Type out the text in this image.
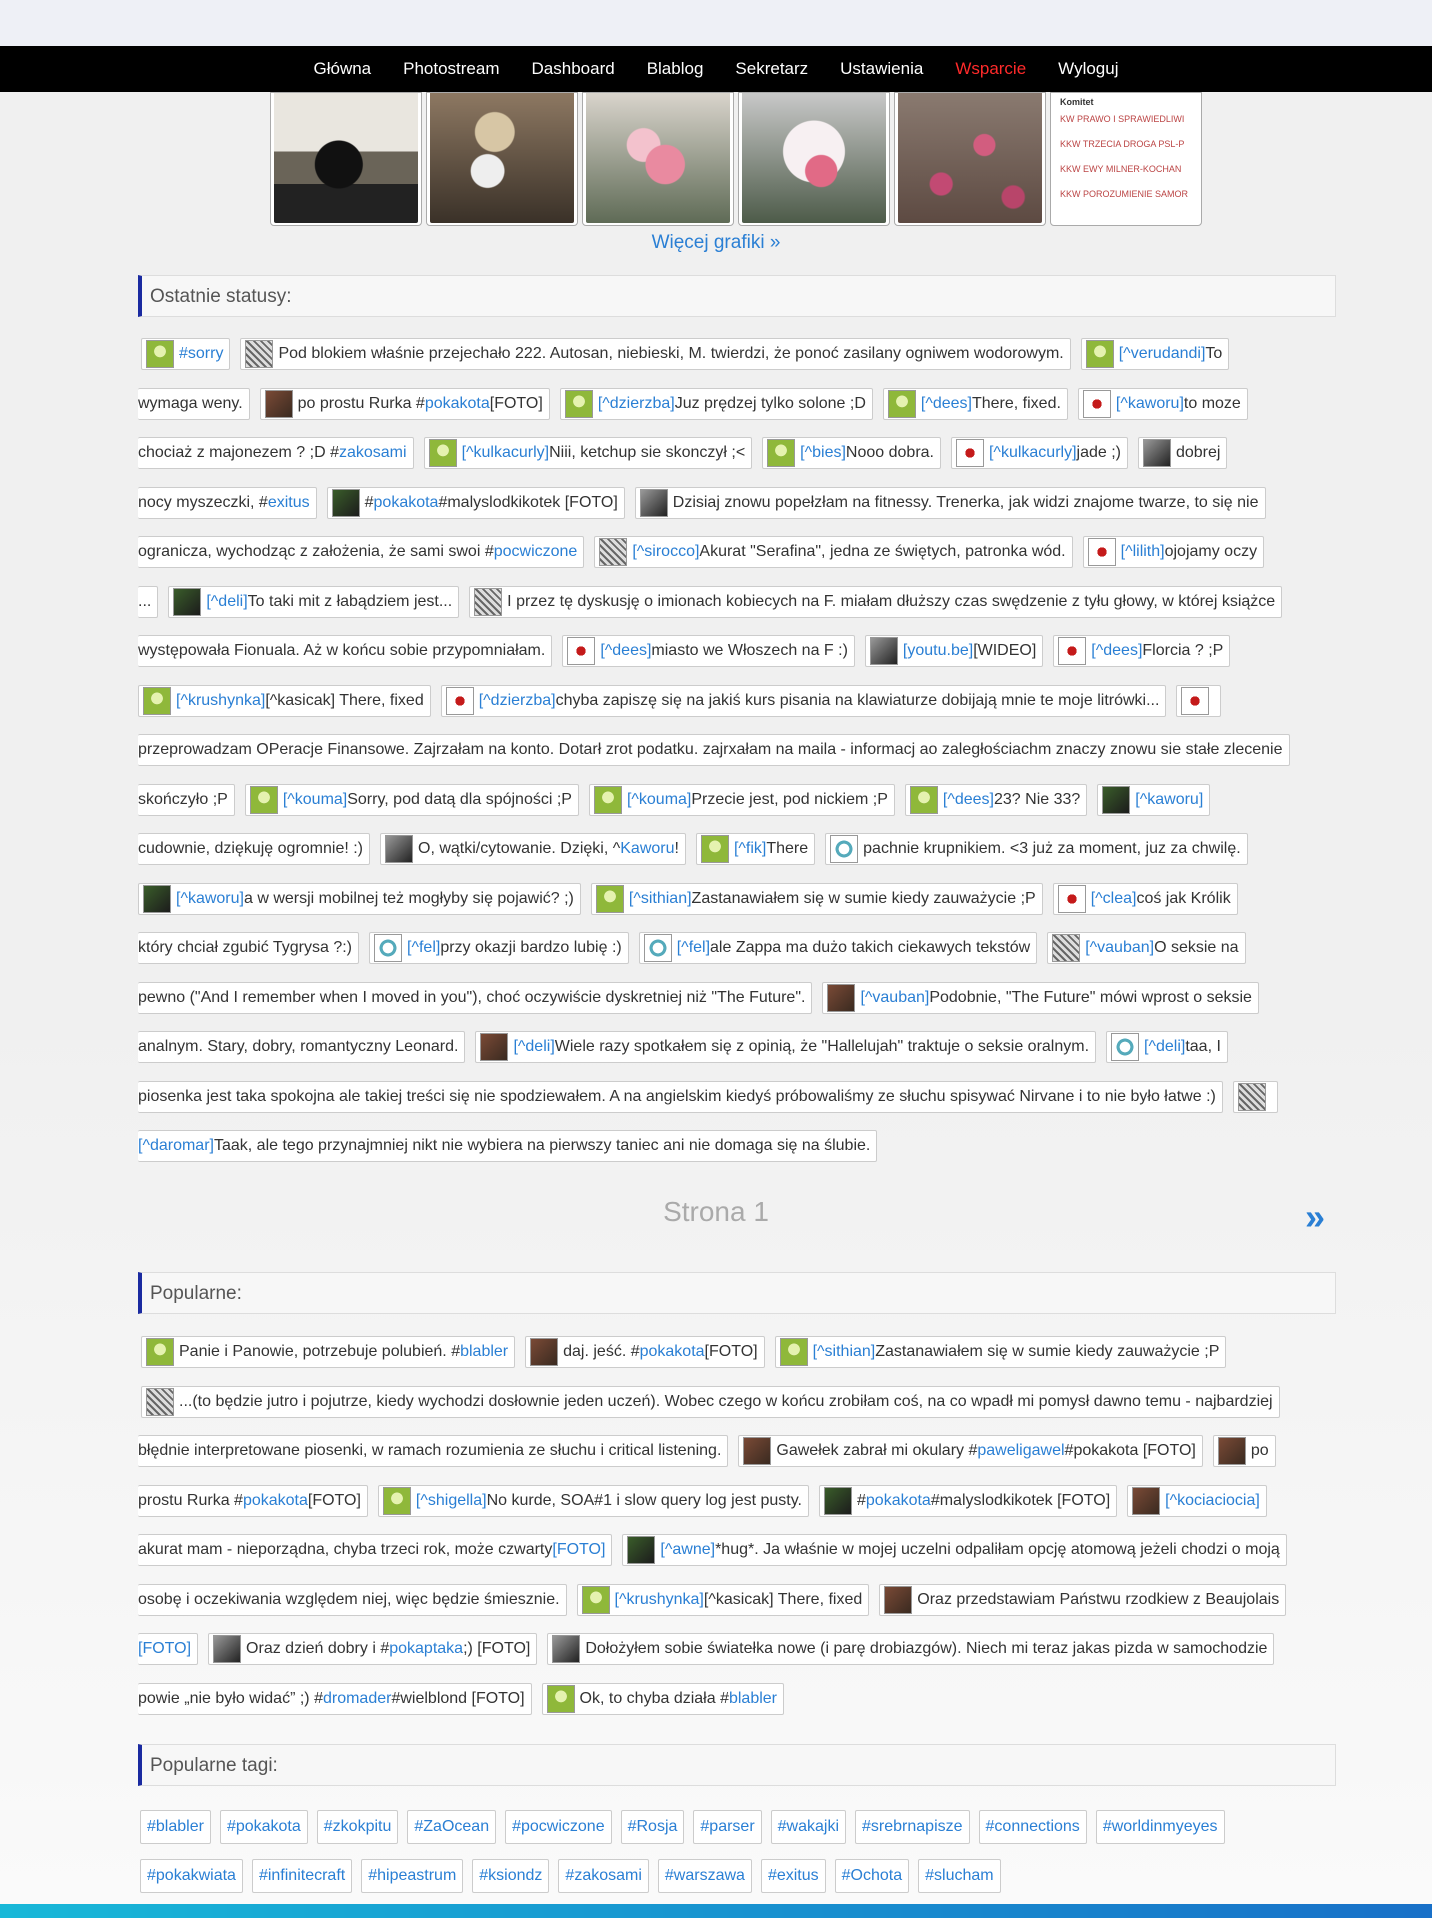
Główna Photostream Dashboard Blablog Sekretarz Ustawienia Wsparcie Wyloguj
Komitet
KW PRAWO I SPRAWIEDLIWI
KKW TRZECIA DROGA PSL-P
KKW EWY MILNER-KOCHAN
KKW POROZUMIENIE SAMOR
Więcej grafiki »
Ostatnie statusy:
#sorry	Pod blokiem właśnie przejechało 222. Autosan, niebieski, M. twierdzi, że ponoć zasilany ogniwem wodorowym.	[^verudandi] To
wymaga weny.	po prostu Rurka # pokakota [FOTO]	[^dzierzba] Juz prędzej tylko solone ;D	[^dees] There, fixed.	[^kaworu] to moze
chociaż z majonezem ? ;D # zakosami	[^kulkacurly] Niii, ketchup sie skonczył ;<	[^bies] Nooo dobra.	[^kulkacurly] jade ;)	dobrej
nocy myszeczki, # exitus	# pokakota #malyslodkikotek [FOTO]	Dzisiaj znowu popełzłam na fitnessy. Trenerka, jak widzi znajome twarze, to się nie
ogranicza, wychodząc z założenia, że sami swoi # pocwiczone	[^sirocco] Akurat "Serafina", jedna ze świętych, patronka wód.	[^lilith] ojojamy oczy
...	[^deli] To taki mit z łabądziem jest...	I przez tę dyskusję o imionach kobiecych na F. miałam dłuższy czas swędzenie z tyłu głowy, w której książce
występowała Fionuala. Aż w końcu sobie przypomniałam.	[^dees] miasto we Włoszech na F :)	[youtu.be] [WIDEO]	[^dees] Florcia ? ;P
[^krushynka] [^kasicak] There, fixed	[^dzierzba] chyba zapiszę się na jakiś kurs pisania na klawiaturze dobijają mnie te moje litrówki...
przeprowadzam OPeracje Finansowe. Zajrzałam na konto. Dotarł zrot podatku. zajrxałam na maila - informacj ao zaległościachm znaczy znowu sie stałe zlecenie
skończyło ;P	[^kouma] Sorry, pod datą dla spójności ;P	[^kouma] Przecie jest, pod nickiem ;P	[^dees] 23? Nie 33?	[^kaworu]
cudownie, dziękuję ogromnie! :)	O, wątki/cytowanie. Dzięki, ^ Kaworu !	[^fik] There	pachnie krupnikiem. <3 już za moment, juz za chwilę.
[^kaworu] a w wersji mobilnej też mogłyby się pojawić? ;)	[^sithian] Zastanawiałem się w sumie kiedy zauważycie ;P	[^clea] coś jak Królik
który chciał zgubić Tygrysa ?:)	[^fel] przy okazji bardzo lubię :)	[^fel] ale Zappa ma dużo takich ciekawych tekstów	[^vauban] O seksie na
pewno ("And I remember when I moved in you"), choć oczywiście dyskretniej niż "The Future".	[^vauban] Podobnie, "The Future" mówi wprost o seksie
analnym. Stary, dobry, romantyczny Leonard.	[^deli] Wiele razy spotkałem się z opinią, że "Hallelujah" traktuje o seksie oralnym.	[^deli] taa, I
piosenka jest taka spokojna ale takiej treści się nie spodziewałem. A na angielskim kiedyś próbowaliśmy ze słuchu spisywać Nirvane i to nie było łatwe :)
[^daromar] Taak, ale tego przynajmniej nikt nie wybiera na pierwszy taniec ani nie domaga się na ślubie.
Strona 1	»
Popularne:
Panie i Panowie, potrzebuje polubień. # blabler	daj. jeść. # pokakota [FOTO]	[^sithian] Zastanawiałem się w sumie kiedy zauważycie ;P
...(to będzie jutro i pojutrze, kiedy wychodzi dosłownie jeden uczeń). Wobec czego w końcu zrobiłam coś, na co wpadł mi pomysł dawno temu - najbardziej
błędnie interpretowane piosenki, w ramach rozumienia ze słuchu i critical listening.	Gawełek zabrał mi okulary # paweligawel #pokakota [FOTO]	po
prostu Rurka # pokakota [FOTO]	[^shigella] No kurde, SOA#1 i slow query log jest pusty.	# pokakota #malyslodkikotek [FOTO]	[^kociaciocia]
akurat mam - nieporządna, chyba trzeci rok, może czwarty [FOTO]	[^awne] *hug*. Ja właśnie w mojej uczelni odpaliłam opcję atomową jeżeli chodzi o moją
osobę i oczekiwania względem niej, więc będzie śmiesznie.	[^krushynka] [^kasicak] There, fixed	Oraz przedstawiam Państwu rzodkiew z Beaujolais
[FOTO]	Oraz dzień dobry i # pokaptaka ;) [FOTO]	Dołożyłem sobie światełka nowe (i parę drobiazgów). Niech mi teraz jakas pizda w samochodzie
powie „nie było widać” ;) # dromader #wielblond [FOTO]	Ok, to chyba działa # blabler
Popularne tagi:
#blabler	#pokakota	#zkokpitu	#ZaOcean	#pocwiczone	#Rosja	#parser	#wakajki	#srebrnapisze	#connections	#worldinmyeyes
#pokakwiata	#infinitecraft	#hipeastrum	#ksiondz	#zakosami	#warszawa	#exitus	#Ochota	#slucham
